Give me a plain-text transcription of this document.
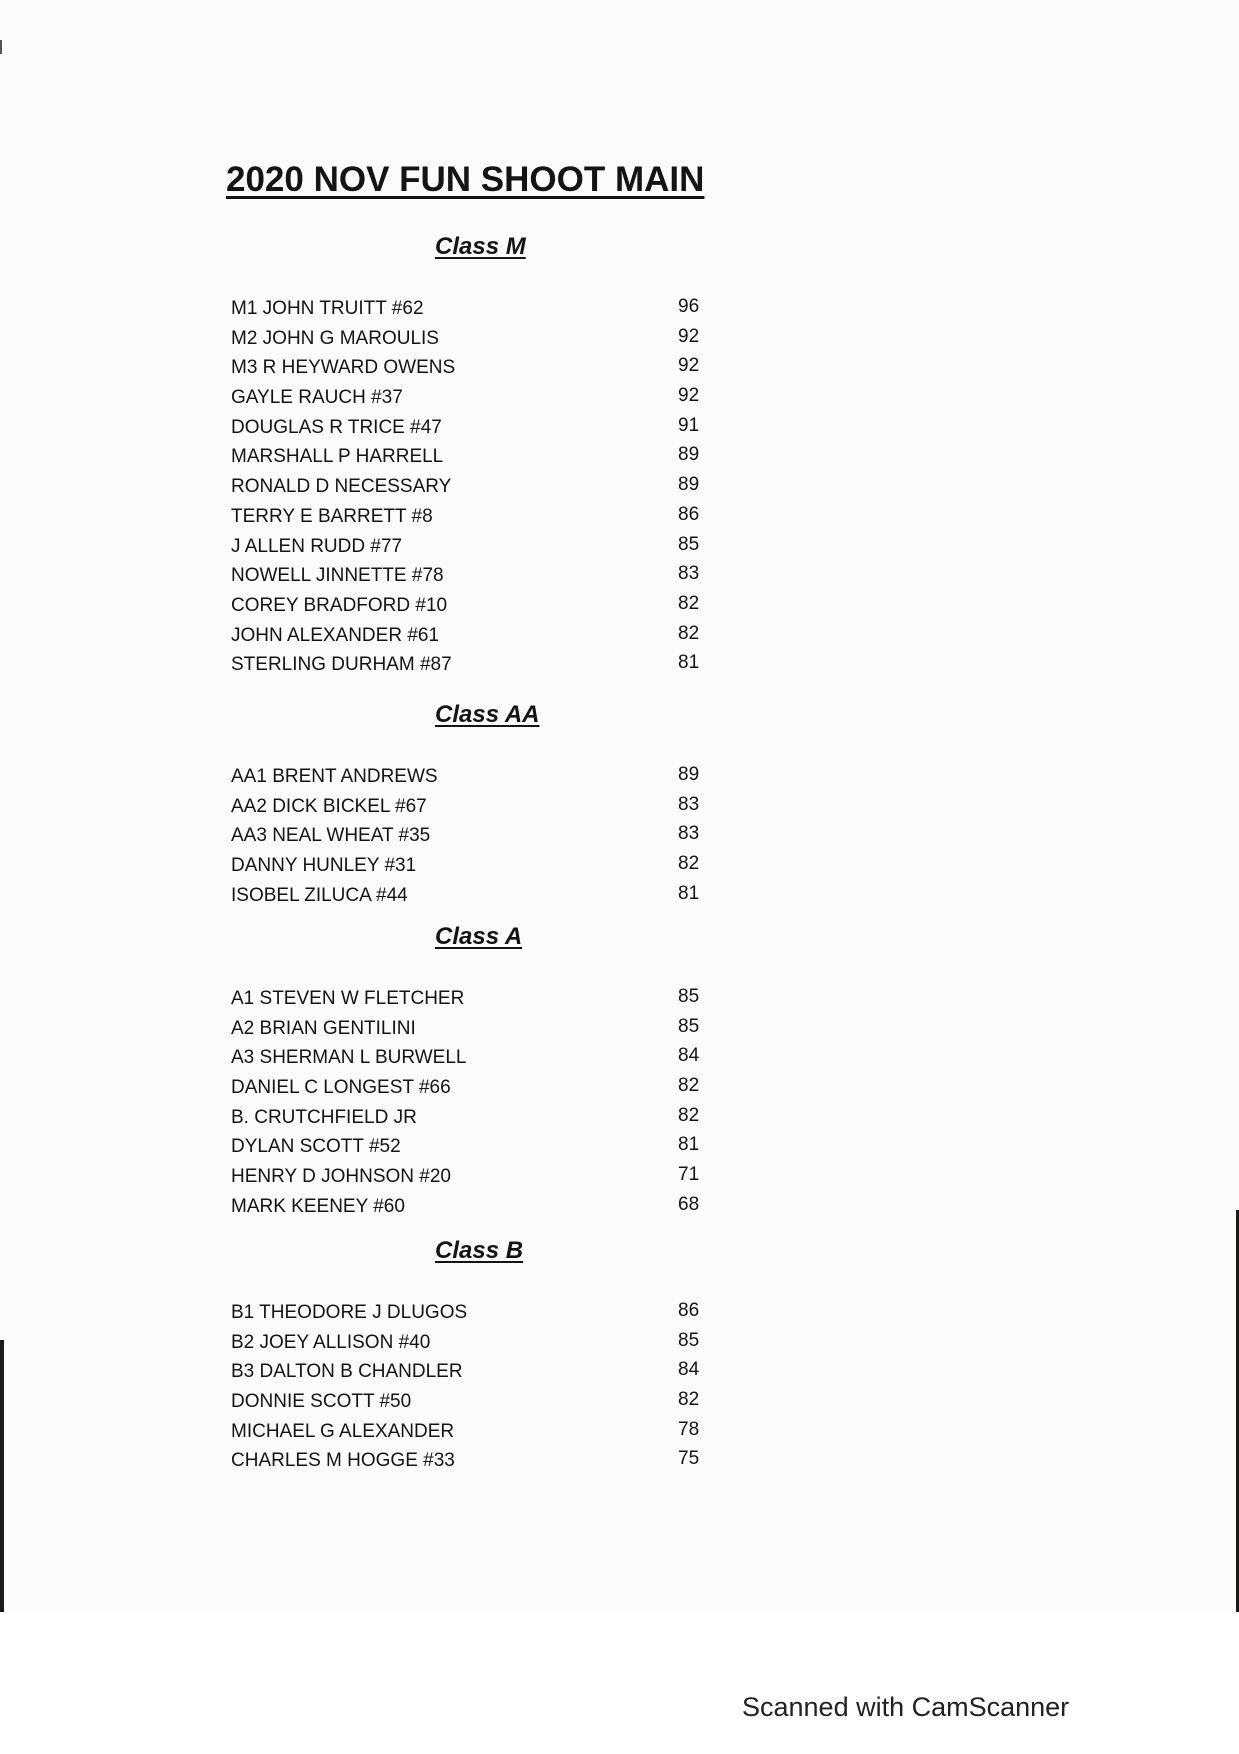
2020 NOV FUN SHOOT MAIN
Class M
M1 JOHN TRUITT #62	96
M2 JOHN G MAROULIS	92
M3 R HEYWARD OWENS	92
GAYLE RAUCH #37	92
DOUGLAS R TRICE #47	91
MARSHALL P HARRELL	89
RONALD D NECESSARY	89
TERRY E BARRETT #8	86
J ALLEN RUDD #77	85
NOWELL JINNETTE #78	83
COREY BRADFORD #10	82
JOHN ALEXANDER #61	82
STERLING DURHAM #87	81
Class AA
AA1 BRENT ANDREWS	89
AA2 DICK BICKEL #67	83
AA3 NEAL WHEAT #35	83
DANNY HUNLEY #31	82
ISOBEL ZILUCA #44	81
Class A
A1 STEVEN W FLETCHER	85
A2 BRIAN GENTILINI	85
A3 SHERMAN L BURWELL	84
DANIEL C LONGEST #66	82
B. CRUTCHFIELD JR	82
DYLAN SCOTT #52	81
HENRY D JOHNSON #20	71
MARK KEENEY #60	68
Class B
B1 THEODORE J DLUGOS	86
B2 JOEY ALLISON #40	85
B3 DALTON B CHANDLER	84
DONNIE SCOTT #50	82
MICHAEL G ALEXANDER	78
CHARLES M HOGGE #33	75
Scanned with CamScanner
